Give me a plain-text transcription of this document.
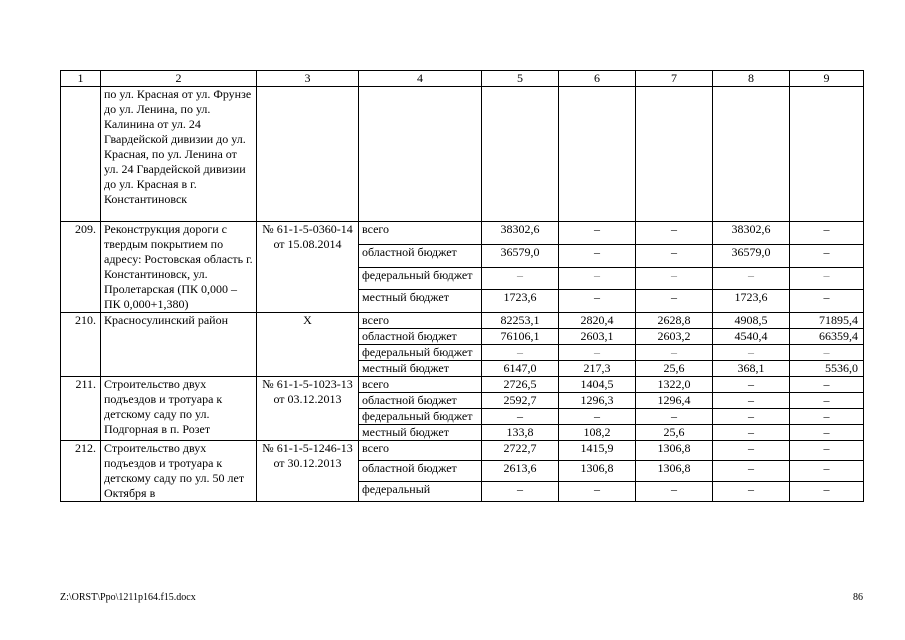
1	2	3	4	5	6	7	8	9
	по ул. Красная от ул. Фрунзе до ул. Ленина, по ул. Калинина от ул. 24 Гвардейской дивизии до ул. Красная, по ул. Ленина от ул. 24 Гвардейской дивизии до ул. Красная в г. Константиновск							
209.	Реконструкция дороги с твердым покрытием по адресу: Ростовская область г. Константиновск, ул. Пролетарская (ПК 0,000 – ПК 0,000+1,380)	№ 61-1-5-0360-14 от 15.08.2014	всего	38302,6	–	–	38302,6	–
			областной бюджет	36579,0	–	–	36579,0	–
			федеральный бюджет	–	–	–	–	–
			местный бюджет	1723,6	–	–	1723,6	–
210.	Красносулинский район	Х	всего	82253,1	2820,4	2628,8	4908,5	71895,4
			областной бюджет	76106,1	2603,1	2603,2	4540,4	66359,4
			федеральный бюджет	–	–	–	–	–
			местный бюджет	6147,0	217,3	25,6	368,1	5536,0
211.	Строительство двух подъездов и тротуара к детскому саду по ул. Подгорная в п. Розет	№ 61-1-5-1023-13 от 03.12.2013	всего	2726,5	1404,5	1322,0	–	–
			областной бюджет	2592,7	1296,3	1296,4	–	–
			федеральный бюджет	–	–	–	–	–
			местный бюджет	133,8	108,2	25,6	–	–
212.	Строительство двух подъездов и тротуара к детскому саду по ул. 50 лет Октября в	№ 61-1-5-1246-13 от 30.12.2013	всего	2722,7	1415,9	1306,8	–	–
			областной бюджет	2613,6	1306,8	1306,8	–	–
			федеральный	–	–	–	–	–
Z:\ORST\Ppo\1211p164.f15.docx	86
